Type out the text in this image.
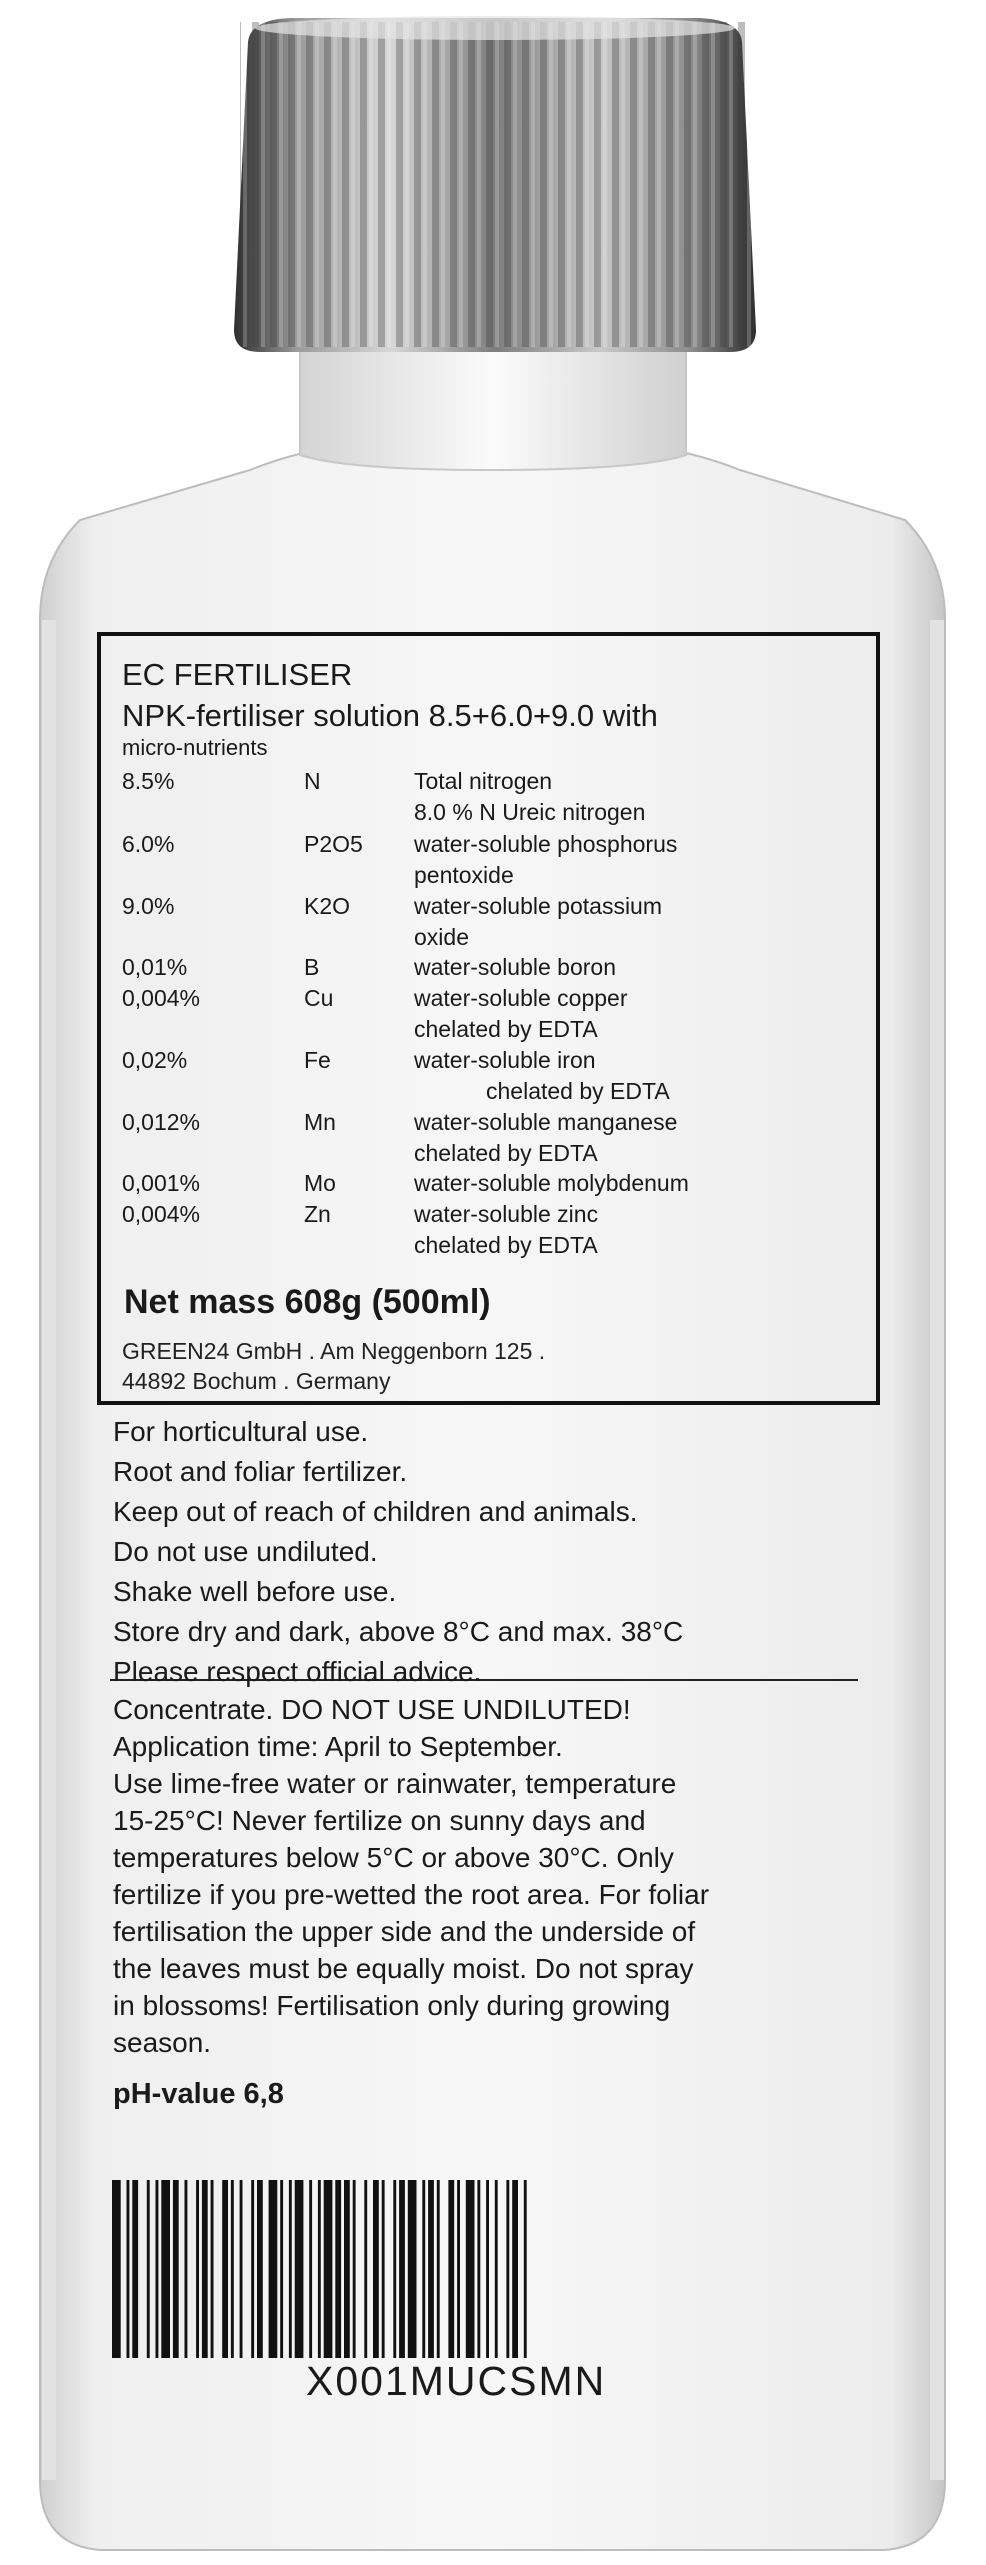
EC FERTILISER
NPK-fertiliser solution 8.5+6.0+9.0 with
micro-nutrients
8.5%	N	Total nitrogen
8.0 % N Ureic nitrogen
6.0%	P2O5 water-soluble phosphorus
pentoxide
9.0%	K2O	water-soluble potassium
oxide
0,01%	B	water-soluble boron
0,004%	Cu	water-soluble copper
chelated by EDTA
0,02%	Fe	water-soluble iron
chelated by EDTA
0,012%	Mn	water-soluble manganese
chelated by EDTA
0,001%	Mo	water-soluble molybdenum
0,004%	Zn	water-soluble zinc
chelated by EDTA
Net mass 608g (500ml)
GREEN24 GmbH . Am Neggenborn 125 .
44892 Bochum . Germany
For horticultural use.
Root and foliar fertilizer.
Keep out of reach of children and animals.
Do not use undiluted.
Shake well before use.
Store dry and dark, above 8°C and max. 38°C
Please respect official advice.
Concentrate. DO NOT USE UNDILUTED!
Application time: April to September.
Use lime-free water or rainwater, temperature
15-25°C! Never fertilize on sunny days and
temperatures below 5°C or above 30°C. Only
fertilize if you pre-wetted the root area. For foliar
fertilisation the upper side and the underside of
the leaves must be equally moist. Do not spray
in blossoms! Fertilisation only during growing
season.
pH-value 6,8
X001MUCSMN
